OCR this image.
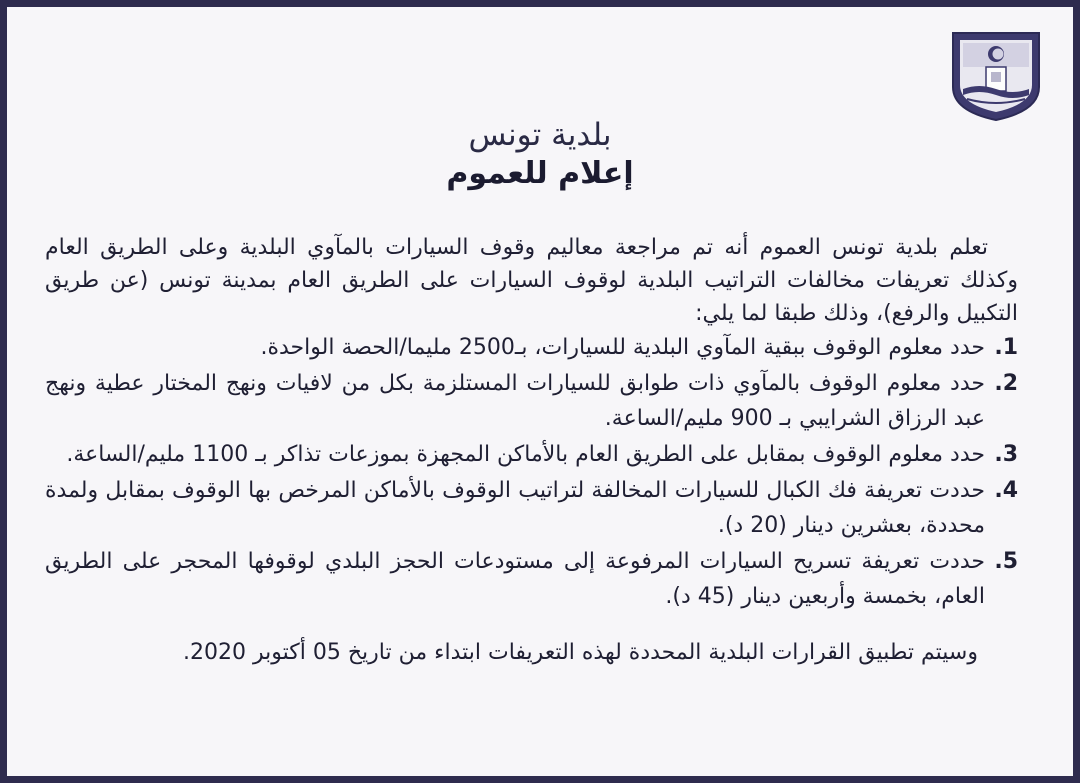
بلدية تونس
إعلام للعموم

تعلم بلدية تونس العموم أنه تم مراجعة معاليم وقوف السيارات بالمآوي البلدية وعلى الطريق العام وكذلك تعريفات مخالفات التراتيب البلدية لوقوف السيارات على الطريق العام بمدينة تونس (عن طريق التكبيل والرفع)، وذلك طبقا لما يلي:

1.
حدد معلوم الوقوف ببقية المآوي البلدية للسيارات، بـ2500 مليما/الحصة الواحدة.
2.
حدد معلوم الوقوف بالمآوي ذات طوابق للسيارات المستلزمة بكل من لافيات ونهج المختار عطية ونهج عبد الرزاق الشرايبي بـ 900 مليم/الساعة.
3.
حدد معلوم الوقوف بمقابل على الطريق العام بالأماكن المجهزة بموزعات تذاكر بـ 1100 مليم/الساعة.
4.
حددت تعريفة فك الكبال للسيارات المخالفة لتراتيب الوقوف بالأماكن المرخص بها الوقوف بمقابل ولمدة محددة، بعشرين دينار (20 د).
5.
حددت تعريفة تسريح السيارات المرفوعة إلى مستودعات الحجز البلدي لوقوفها المحجر على الطريق العام، بخمسة وأربعين دينار (45 د).

وسيتم تطبيق القرارات البلدية المحددة لهذه التعريفات ابتداء من تاريخ 05 أكتوبر 2020.
